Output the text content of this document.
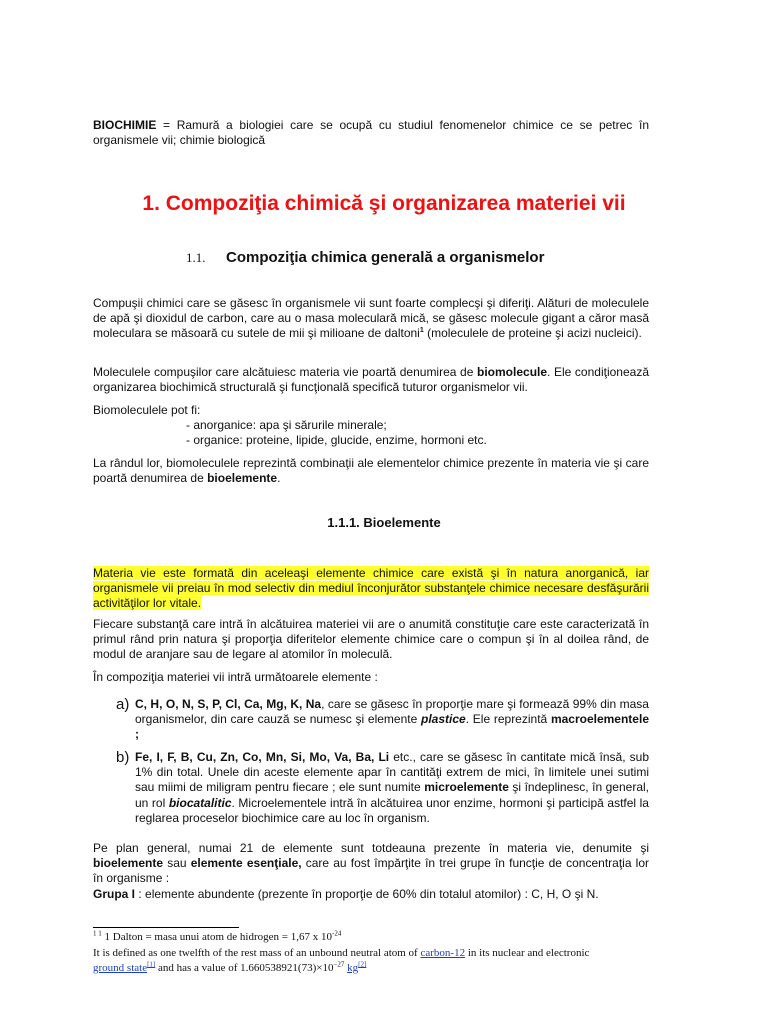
BIOCHIMIE = Ramură a biologiei care se ocupă cu studiul fenomenelor chimice ce se petrec în organismele vii; chimie biologică
1. Compoziţia chimică şi organizarea materiei vii
1.1. Compoziţia chimica generală a organismelor
Compuşii chimici care se găsesc în organismele vii sunt foarte complecşi şi diferiţi. Alături de moleculele de apă şi dioxidul de carbon, care au o masa moleculară mică, se găsesc molecule gigant a căror masă moleculara se măsoară cu sutele de mii şi milioane de daltoni$^1$ (moleculele de proteine şi acizi nucleici).
Moleculele compuşilor care alcătuiesc materia vie poartă denumirea de biomolecule. Ele condiţionează organizarea biochimică structurală şi funcţională specifică tuturor organismelor vii.
Biomoleculele pot fi:
- anorganice: apa şi sărurile minerale;
- organice: proteine, lipide, glucide, enzime, hormoni etc.
La rândul lor, biomoleculele reprezintă combinaţii ale elementelor chimice prezente în materia vie şi care poartă denumirea de bioelemente.
1.1.1. Bioelemente
Materia vie este formată din aceleaşi elemente chimice care există şi în natura anorganică, iar organismele vii preiau în mod selectiv din mediul înconjurător substanţele chimice necesare desfăşurării activităţilor lor vitale.
Fiecare substanţă care intră în alcătuirea materiei vii are o anumită constituţie care este caracterizată în primul rând prin natura şi proporţia diferitelor elemente chimice care o compun şi în al doilea rând, de modul de aranjare sau de legare al atomilor în moleculă.
În compoziţia materiei vii intră următoarele elemente :
a) C, H, O, N, S, P, Cl, Ca, Mg, K, Na, care se găsesc în proporţie mare şi formează 99% din masa organismelor, din care cauză se numesc şi elemente plastice. Ele reprezintă macroelementele ;
b) Fe, I, F, B, Cu, Zn, Co, Mn, Si, Mo, Va, Ba, Li etc., care se găsesc în cantitate mică însă, sub 1% din total. Unele din aceste elemente apar în cantităţi extrem de mici, în limitele unei sutimi sau miimi de miligram pentru fiecare ; ele sunt numite microelemente şi îndeplinesc, în general, un rol biocatalitic. Microelementele intră în alcătuirea unor enzime, hormoni şi participă astfel la reglarea proceselor biochimice care au loc în organism.
Pe plan general, numai 21 de elemente sunt totdeauna prezente în materia vie, denumite şi bioelemente sau elemente esenţiale, care au fost împărţite în trei grupe în funcţie de concentraţia lor în organisme :
Grupa I : elemente abundente (prezente în proporţie de 60% din totalul atomilor) : C, H, O şi N.
$^{1 1}$ 1 Dalton = masa unui atom de hidrogen = 1,67 x $10^{-24}$
It is defined as one twelfth of the rest mass of an unbound neutral atom of carbon-12 in its nuclear and electronic
ground state[1] and has a value of $1.660538921(73)\times 10^{-27}$ kg[2]
